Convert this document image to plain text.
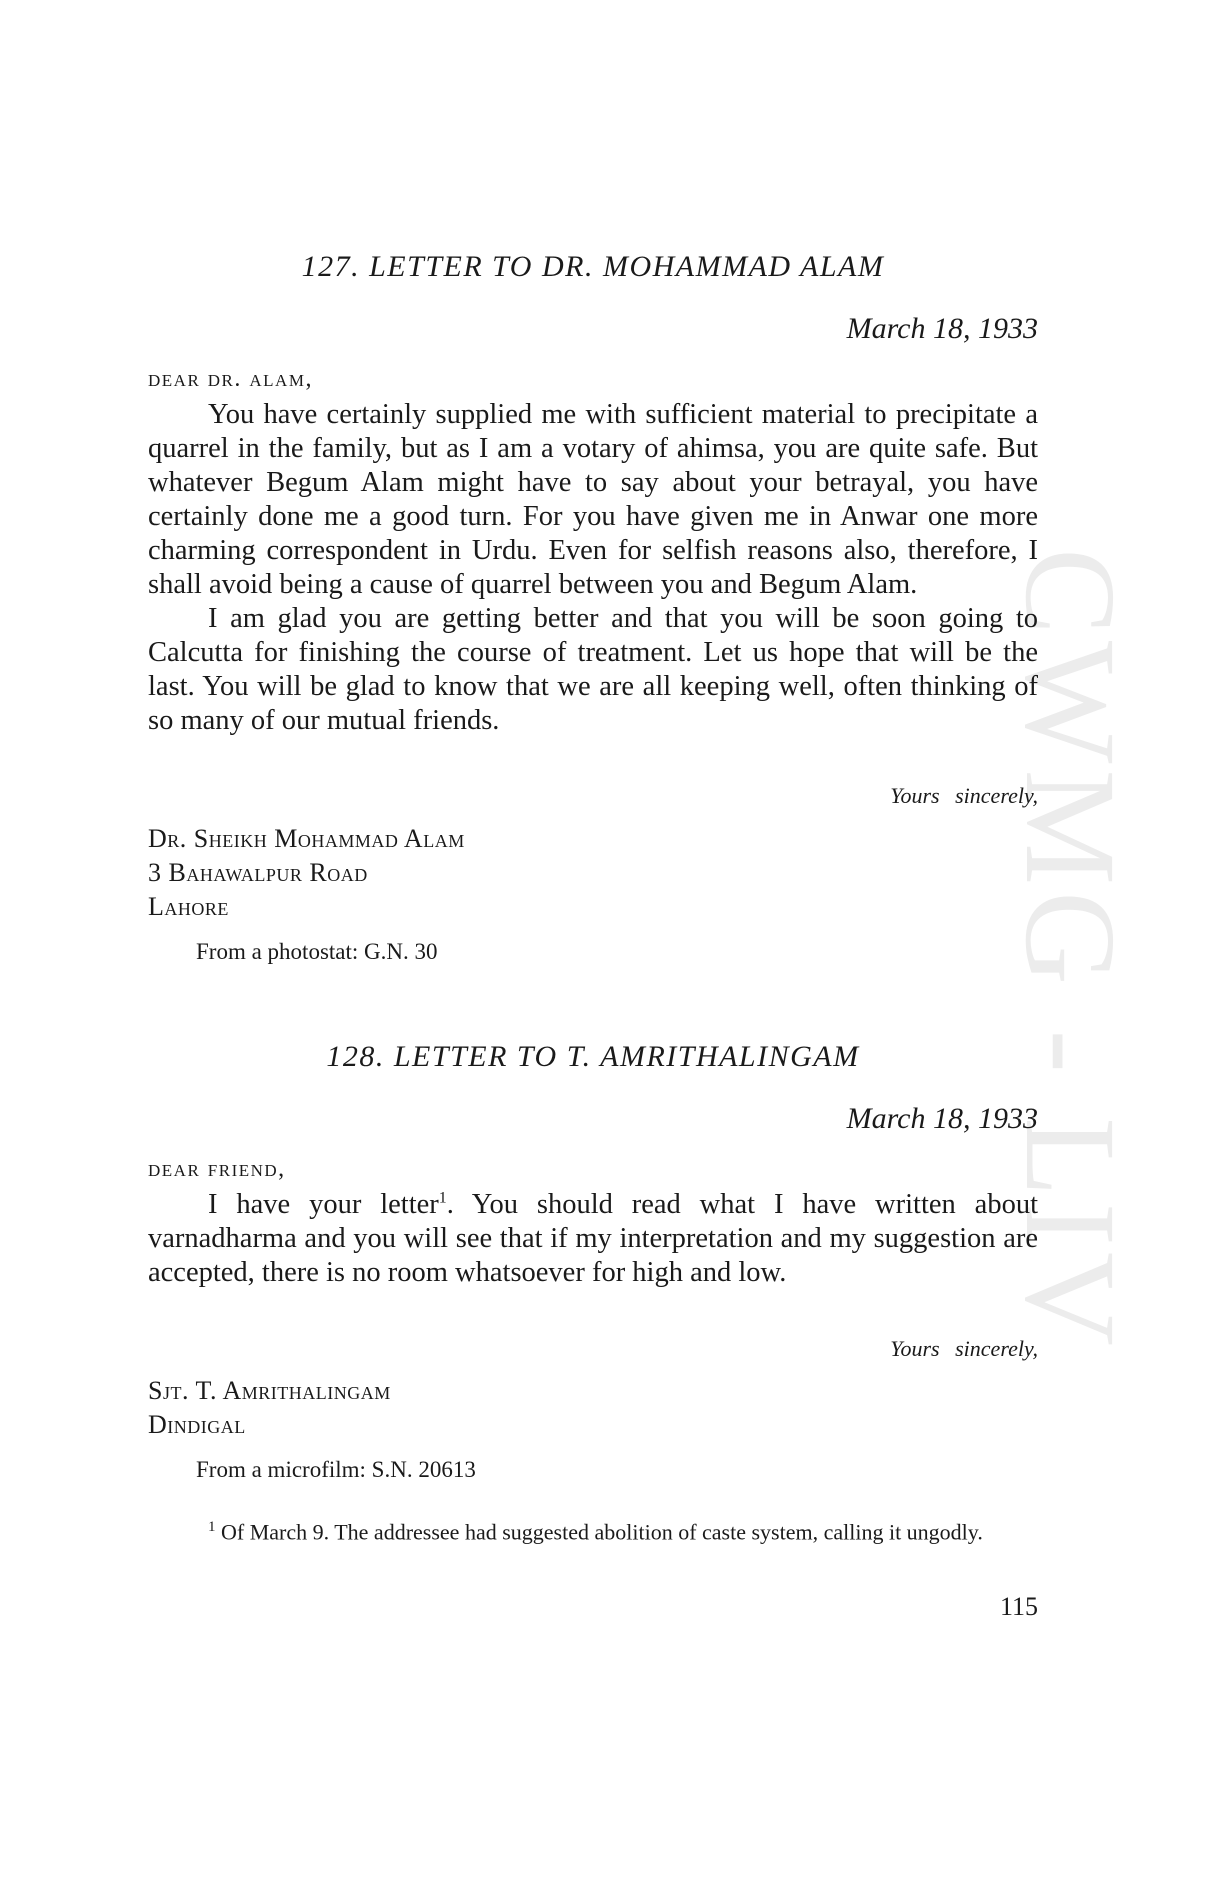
CWMG - LIV
127. LETTER TO DR. MOHAMMAD ALAM
March 18, 1933
dear dr. alam,

You have certainly supplied me with sufficient material to precipitate a quarrel in the family, but as I am a votary of ahimsa, you are quite safe. But whatever Begum Alam might have to say about your betrayal, you have certainly done me a good turn. For you have given me in Anwar one more charming correspondent in Urdu. Even for selfish reasons also, therefore, I shall avoid being a cause of quarrel between you and Begum Alam.

I am glad you are getting better and that you will be soon going to Calcutta for finishing the course of treatment. Let us hope that will be the last. You will be glad to know that we are all keeping well, often thinking of so many of our mutual friends.

Yours sincerely,
Dr. Sheikh Mohammad Alam
3 Bahawalpur Road
Lahore
From a photostat: G.N. 30
128. LETTER TO T. AMRITHALINGAM
March 18, 1933
dear friend,

I have your letter$^1$. You should read what I have written about varnadharma and you will see that if my interpretation and my suggestion are accepted, there is no room whatsoever for high and low.

Yours sincerely,
Sjt. T. Amrithalingam
Dindigal
From a microfilm: S.N. 20613
$^1$ Of March 9. The addressee had suggested abolition of caste system, calling it ungodly.
115
